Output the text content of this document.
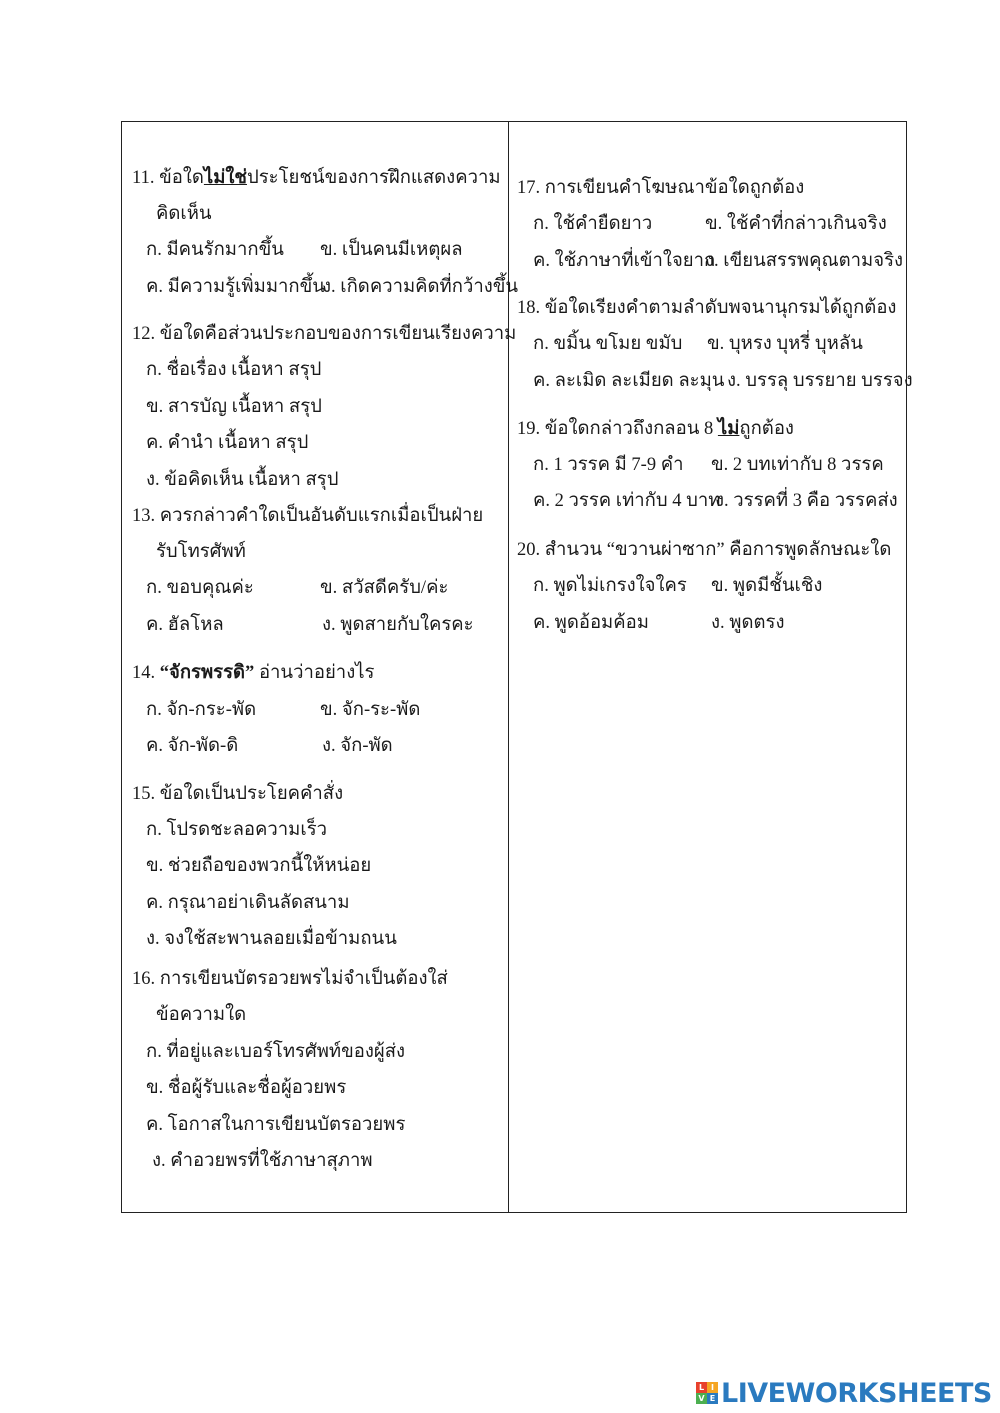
11. ข้อใดไม่ใช่ประโยชน์ของการฝึกแสดงความ
คิดเห็น
ก. มีคนรักมากขึ้น ข. เป็นคนมีเหตุผล
ค. มีความรู้เพิ่มมากขึ้น
ง. เกิดความคิดที่กว้างขึ้น
12. ข้อใดคือส่วนประกอบของการเขียนเรียงความ
ก. ชื่อเรื่อง เนื้อหา สรุป
ข. สารบัญ เนื้อหา สรุป
ค. คำนำ เนื้อหา สรุป
ง. ข้อคิดเห็น เนื้อหา สรุป
13. ควรกล่าวคำใดเป็นอันดับแรกเมื่อเป็นฝ่าย
รับโทรศัพท์
ก. ขอบคุณค่ะ	ข. สวัสดีครับ/ค่ะ
ค. ฮัลโหล	ง. พูดสายกับใครคะ
14. “จักรพรรดิ” อ่านว่าอย่างไร
ก. จัก-กระ-พัด	ข. จัก-ระ-พัด
ค. จัก-พัด-ดิ	ง. จัก-พัด
15. ข้อใดเป็นประโยคคำสั่ง
ก. โปรดชะลอความเร็ว
ข. ช่วยถือของพวกนี้ให้หน่อย
ค. กรุณาอย่าเดินลัดสนาม
ง. จงใช้สะพานลอยเมื่อข้ามถนน
16. การเขียนบัตรอวยพรไม่จำเป็นต้องใส่
ข้อความใด
ก. ที่อยู่และเบอร์โทรศัพท์ของผู้ส่ง
ข. ชื่อผู้รับและชื่อผู้อวยพร
ค. โอกาสในการเขียนบัตรอวยพร
ง. คำอวยพรที่ใช้ภาษาสุภาพ
17. การเขียนคำโฆษณาข้อใดถูกต้อง
ก. ใช้คำยืดยาว	ข. ใช้คำที่กล่าวเกินจริง
ค. ใช้ภาษาที่เข้าใจยาก
ง. เขียนสรรพคุณตามจริง
18. ข้อใดเรียงคำตามลำดับพจนานุกรมได้ถูกต้อง
ก. ขมิ้น ขโมย ขมับ ข. บุหรง บุหรี่ บุหลัน
ค. ละเมิด ละเมียด ละมุน ง. บรรลุ บรรยาย บรรจง
19. ข้อใดกล่าวถึงกลอน 8 ไม่ถูกต้อง
ก. 1 วรรค มี 7-9 คำ ข. 2 บทเท่ากับ 8 วรรค
ค. 2 วรรค เท่ากับ 4 บาท
ง. วรรคที่ 3 คือ วรรคส่ง
20. สำนวน “ขวานผ่าซาก” คือการพูดลักษณะใด
ก. พูดไม่เกรงใจใคร ข. พูดมีชั้นเชิง
ค. พูดอ้อมค้อม	ง. พูดตรง
L I
V E LIVEWORKSHEETS
